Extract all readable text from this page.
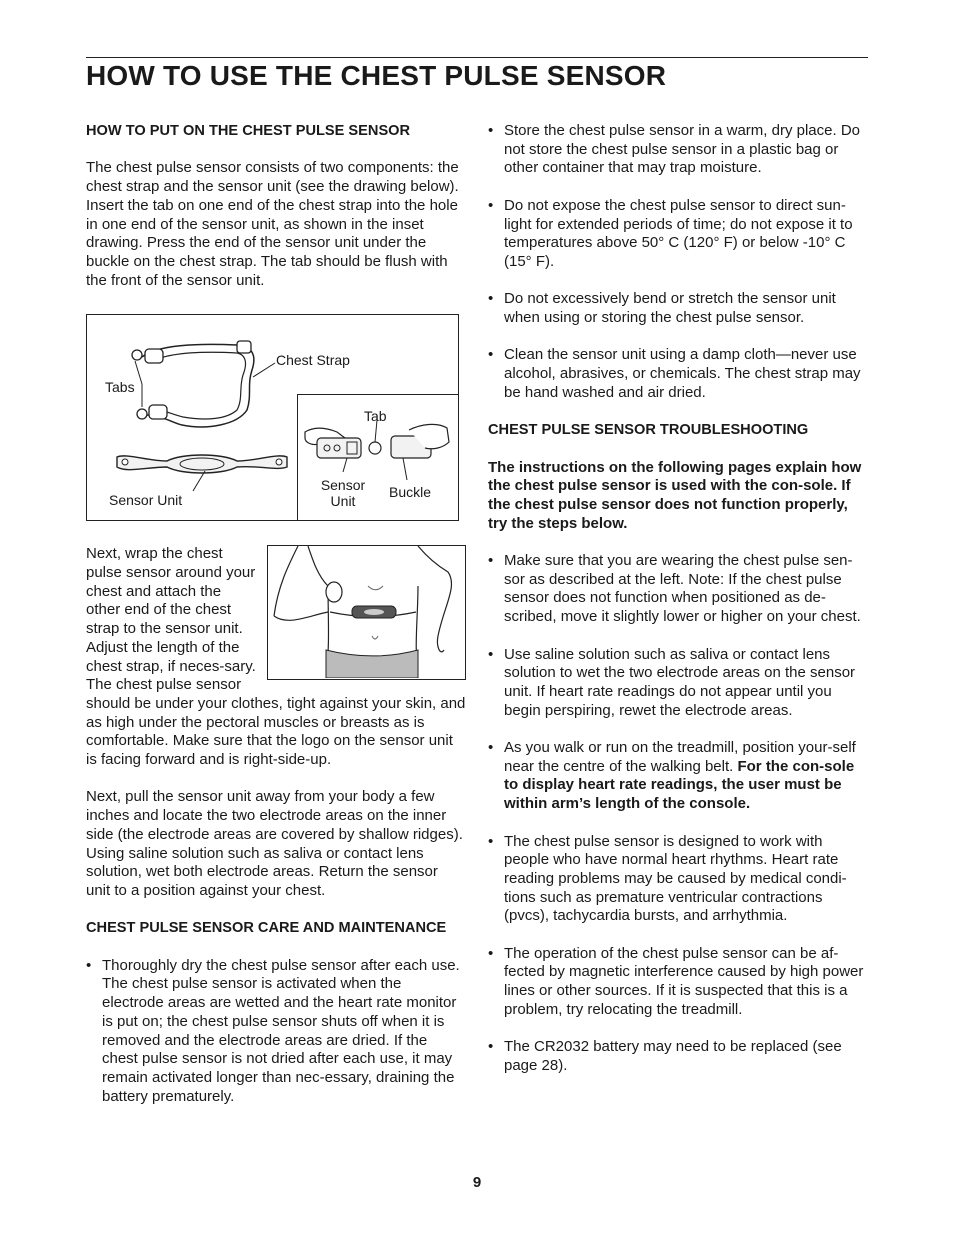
HOW TO USE THE CHEST PULSE SENSOR
HOW TO PUT ON THE CHEST PULSE SENSOR

The chest pulse sensor consists of two components: the chest strap and the sensor unit (see the drawing below). Insert the tab on one end of the chest strap into the hole in one end of the sensor unit, as shown in the inset drawing. Press the end of the sensor unit under the buckle on the chest strap. The tab should be flush with the front of the sensor unit.

Chest Strap
Tabs
Sensor Unit
Tab
Sensor
Unit
Buckle

Next, wrap the chest pulse sensor around your chest and attach the other end of the chest strap to the sensor unit. Adjust the length of the chest strap, if neces-sary. The chest pulse sensor should be under your clothes, tight against your skin, and as high under the pectoral muscles or breasts as is comfortable. Make sure that the logo on the sensor unit is facing forward and is right-side-up.

Next, pull the sensor unit away from your body a few inches and locate the two electrode areas on the inner side (the electrode areas are covered by shallow ridges). Using saline solution such as saliva or contact lens solution, wet both electrode areas. Return the sensor unit to a position against your chest.

CHEST PULSE SENSOR CARE AND MAINTENANCE
• Thoroughly dry the chest pulse sensor after each use. The chest pulse sensor is activated when the electrode areas are wetted and the heart rate monitor is put on; the chest pulse sensor shuts off when it is removed and the electrode areas are dried. If the chest pulse sensor is not dried after each use, it may remain activated longer than nec-essary, draining the battery prematurely.
• Store the chest pulse sensor in a warm, dry place. Do not store the chest pulse sensor in a plastic bag or other container that may trap moisture.
• Do not expose the chest pulse sensor to direct sun-light for extended periods of time; do not expose it to temperatures above 50° C (120° F) or below -10° C (15° F).
• Do not excessively bend or stretch the sensor unit when using or storing the chest pulse sensor.
• Clean the sensor unit using a damp cloth—never use alcohol, abrasives, or chemicals. The chest strap may be hand washed and air dried.
CHEST PULSE SENSOR TROUBLESHOOTING

The instructions on the following pages explain how the chest pulse sensor is used with the con-sole. If the chest pulse sensor does not function properly, try the steps below.

• Make sure that you are wearing the chest pulse sen-sor as described at the left. Note: If the chest pulse sensor does not function when positioned as de-scribed, move it slightly lower or higher on your chest.
• Use saline solution such as saliva or contact lens solution to wet the two electrode areas on the sensor unit. If heart rate readings do not appear until you begin perspiring, rewet the electrode areas.
• As you walk or run on the treadmill, position your-self near the centre of the walking belt. For the con-sole to display heart rate readings, the user must be within arm’s length of the console.
• The chest pulse sensor is designed to work with people who have normal heart rhythms. Heart rate reading problems may be caused by medical condi-tions such as premature ventricular contractions (pvcs), tachycardia bursts, and arrhythmia.
• The operation of the chest pulse sensor can be af-fected by magnetic interference caused by high power lines or other sources. If it is suspected that this is a problem, try relocating the treadmill.
• The CR2032 battery may need to be replaced (see page 28).
9
